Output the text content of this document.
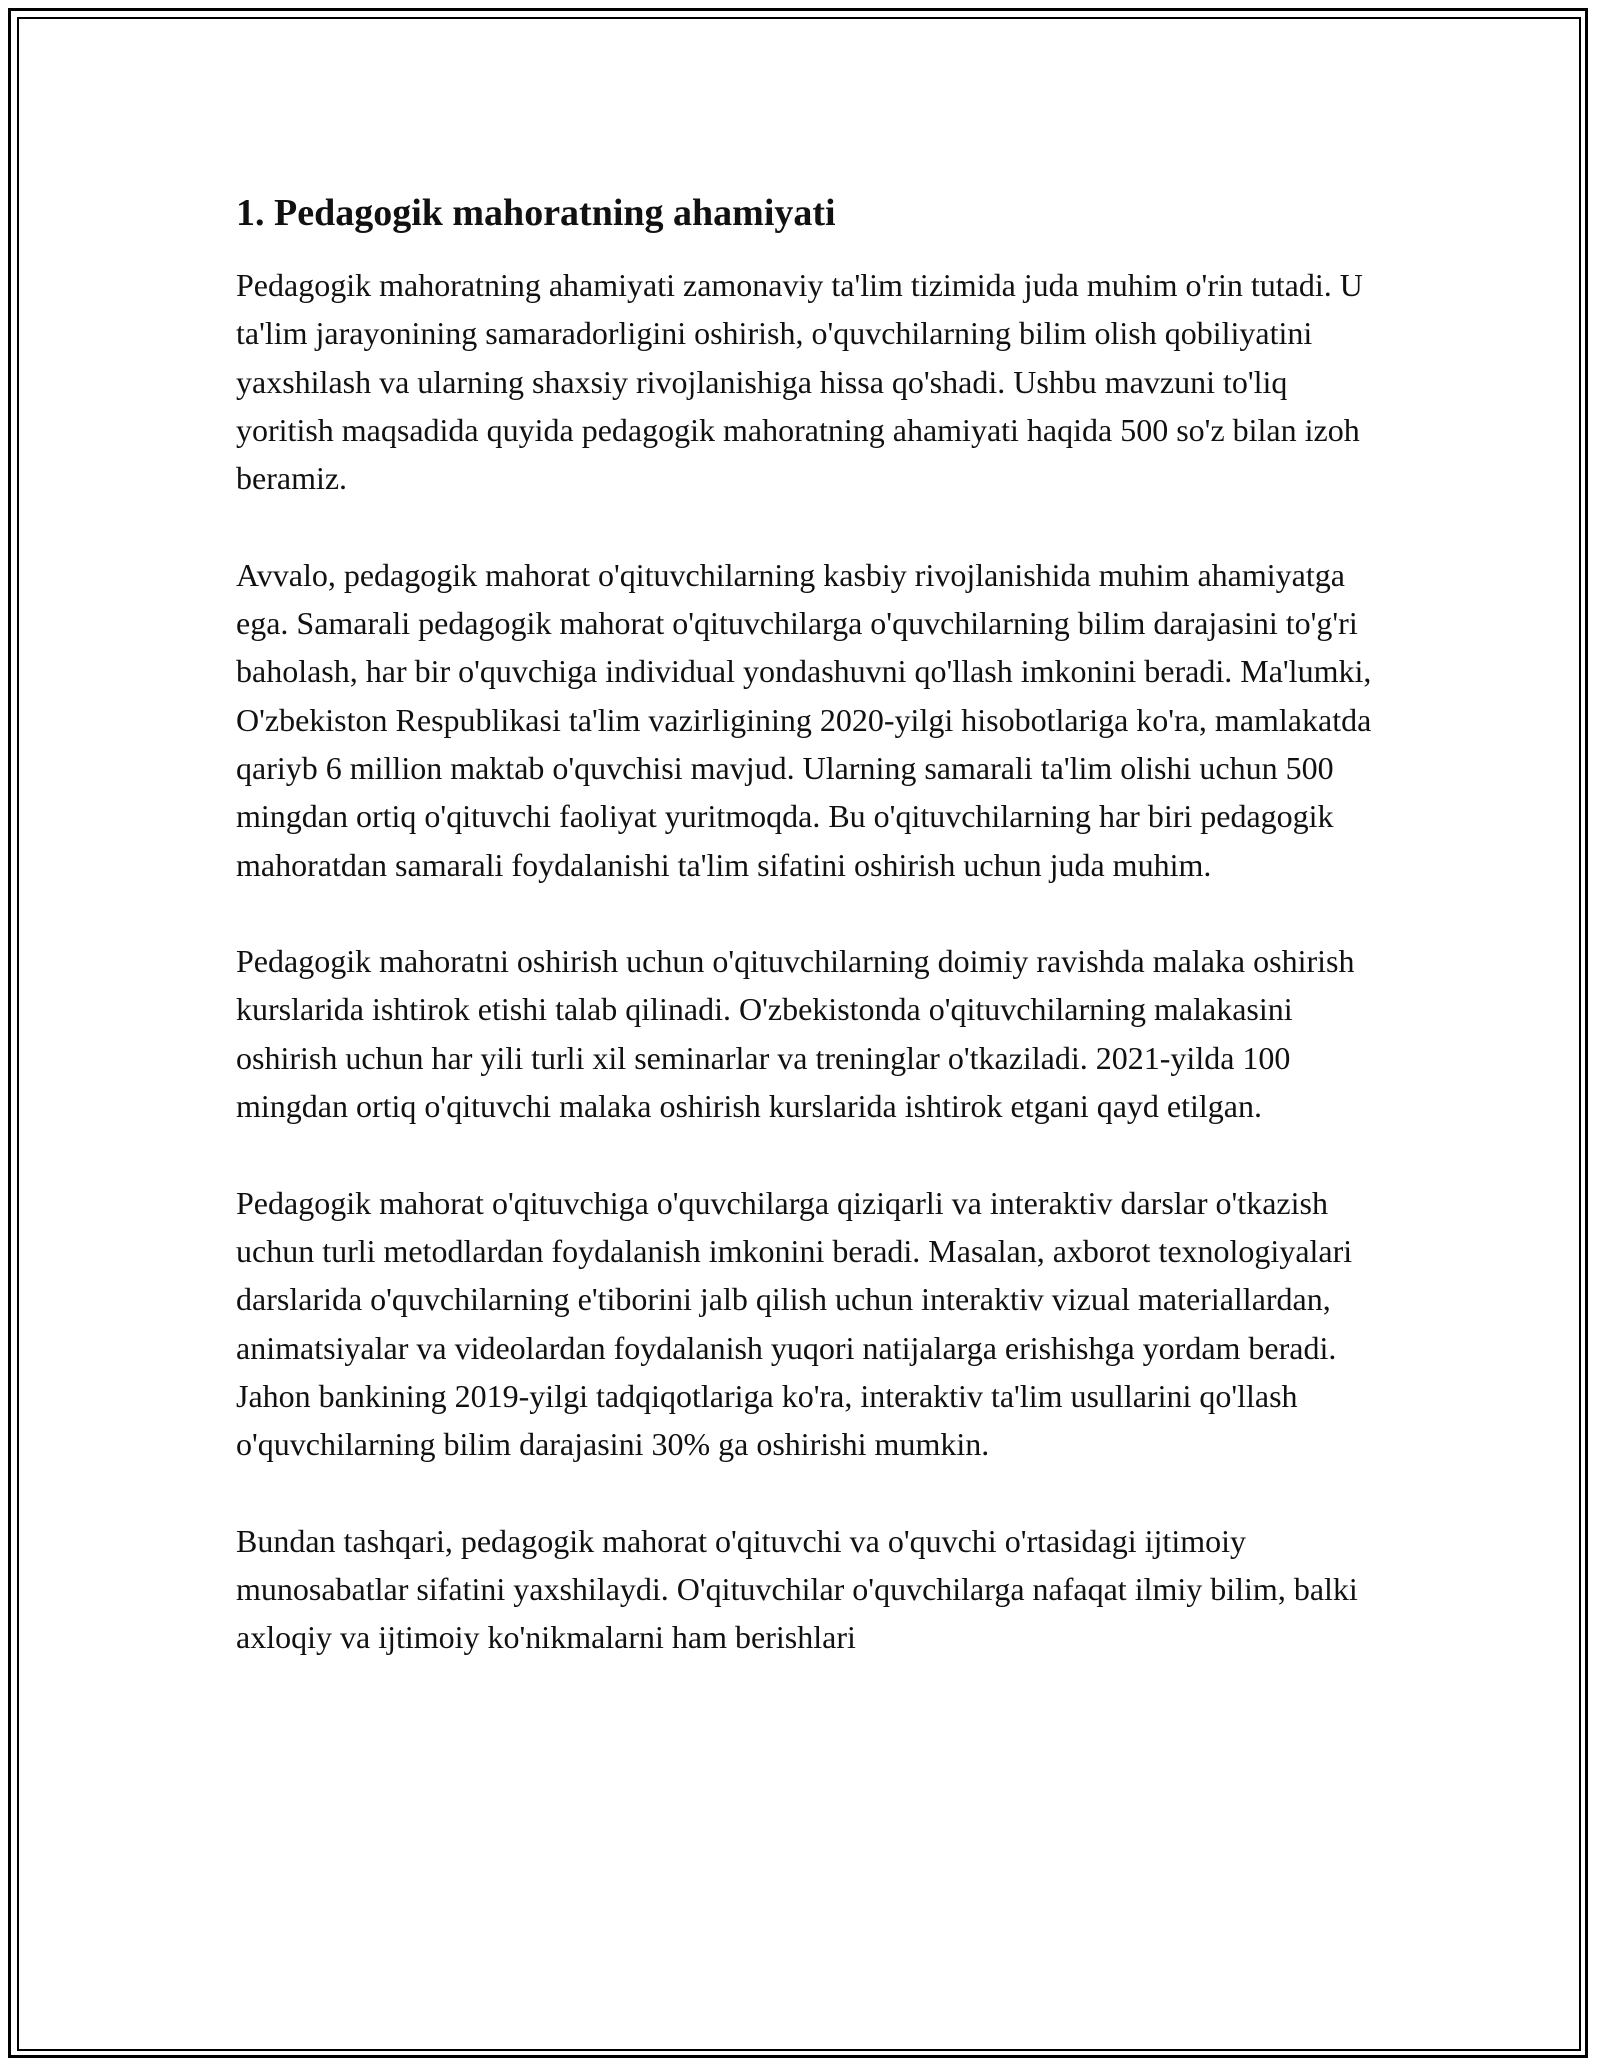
1. Pedagogik mahoratning ahamiyati

Pedagogik mahoratning ahamiyati zamonaviy ta'lim tizimida juda muhim o'rin tutadi. U ta'lim jarayonining samaradorligini oshirish, o'quvchilarning bilim olish qobiliyatini yaxshilash va ularning shaxsiy rivojlanishiga hissa qo'shadi. Ushbu mavzuni to'liq yoritish maqsadida quyida pedagogik mahoratning ahamiyati haqida 500 so'z bilan izoh beramiz.

Avvalo, pedagogik mahorat o'qituvchilarning kasbiy rivojlanishida muhim ahamiyatga ega. Samarali pedagogik mahorat o'qituvchilarga o'quvchilarning bilim darajasini to'g'ri baholash, har bir o'quvchiga individual yondashuvni qo'llash imkonini beradi. Ma'lumki, O'zbekiston Respublikasi ta'lim vazirligining 2020-yilgi hisobotlariga ko'ra, mamlakatda qariyb 6 million maktab o'quvchisi mavjud. Ularning samarali ta'lim olishi uchun 500 mingdan ortiq o'qituvchi faoliyat yuritmoqda. Bu o'qituvchilarning har biri pedagogik mahoratdan samarali foydalanishi ta'lim sifatini oshirish uchun juda muhim.

Pedagogik mahoratni oshirish uchun o'qituvchilarning doimiy ravishda malaka oshirish kurslarida ishtirok etishi talab qilinadi. O'zbekistonda o'qituvchilarning malakasini oshirish uchun har yili turli xil seminarlar va treninglar o'tkaziladi. 2021-yilda 100 mingdan ortiq o'qituvchi malaka oshirish kurslarida ishtirok etgani qayd etilgan.

Pedagogik mahorat o'qituvchiga o'quvchilarga qiziqarli va interaktiv darslar o'tkazish uchun turli metodlardan foydalanish imkonini beradi. Masalan, axborot texnologiyalari darslarida o'quvchilarning e'tiborini jalb qilish uchun interaktiv vizual materiallardan, animatsiyalar va videolardan foydalanish yuqori natijalarga erishishga yordam beradi. Jahon bankining 2019-yilgi tadqiqotlariga ko'ra, interaktiv ta'lim usullarini qo'llash o'quvchilarning bilim darajasini 30% ga oshirishi mumkin.

Bundan tashqari, pedagogik mahorat o'qituvchi va o'quvchi o'rtasidagi ijtimoiy munosabatlar sifatini yaxshilaydi. O'qituvchilar o'quvchilarga nafaqat ilmiy bilim, balki axloqiy va ijtimoiy ko'nikmalarni ham berishlari
